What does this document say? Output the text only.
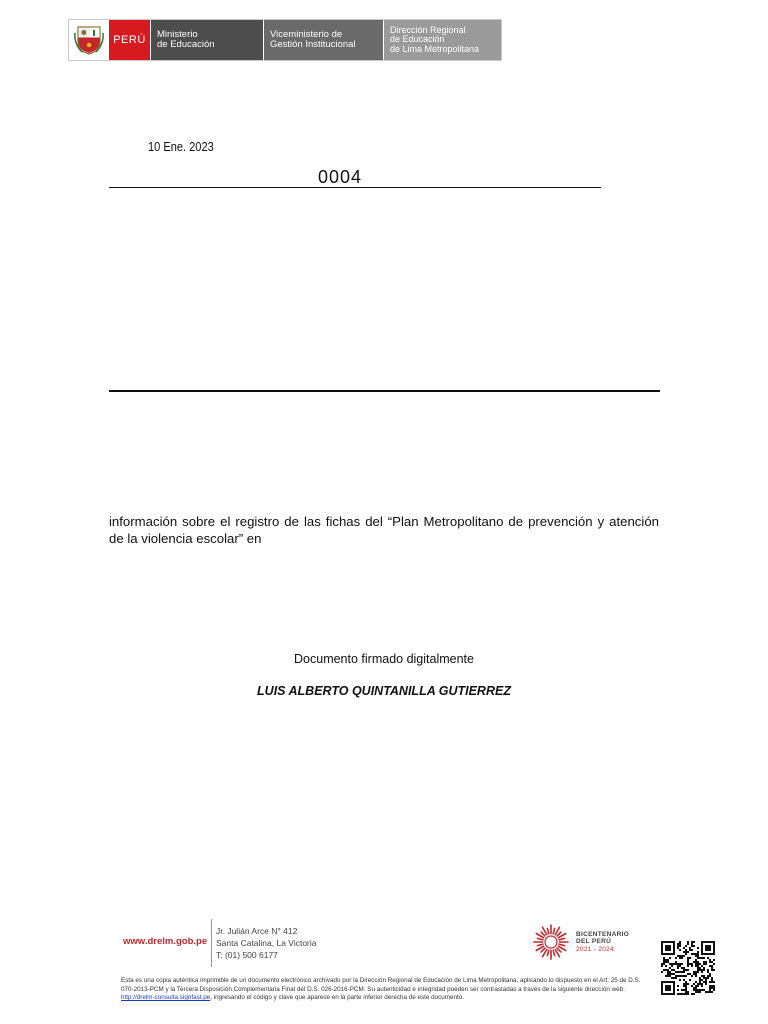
PERÚ	Ministerio
de Educación
Viceministerio de
Gestión Institucional
Dirección Regional
de Educación
de Lima Metropolitana
10 Ene. 2023
0004
información sobre el registro de las fichas del “Plan Metropolitano de prevención y atención de la violencia escolar” en
Documento firmado digitalmente
LUIS ALBERTO QUINTANILLA GUTIERREZ
www.drelm.gob.pe
Jr. Julián Arce N° 412
Santa Catalina, La Victoria
T: (01) 500 6177
BICENTENARIO
DEL PERÚ
2021 - 2024
Esta es una copia auténtica imprimible de un documento electrónico archivado por la Dirección Regional de Educación de Lima Metropolitana, aplicando lo dispuesto en el Art. 25 de D.S. 070-2013-PCM y la Tercera Disposición Complementaria Final del D.S. 026-2016-PCM. Su autenticidad e integridad pueden ser contrastadas a través de la siguiente dirección web: http://drelm-consulta.signfast.pe, ingresando el código y clave que aparece en la parte inferior derecha de este documento.
